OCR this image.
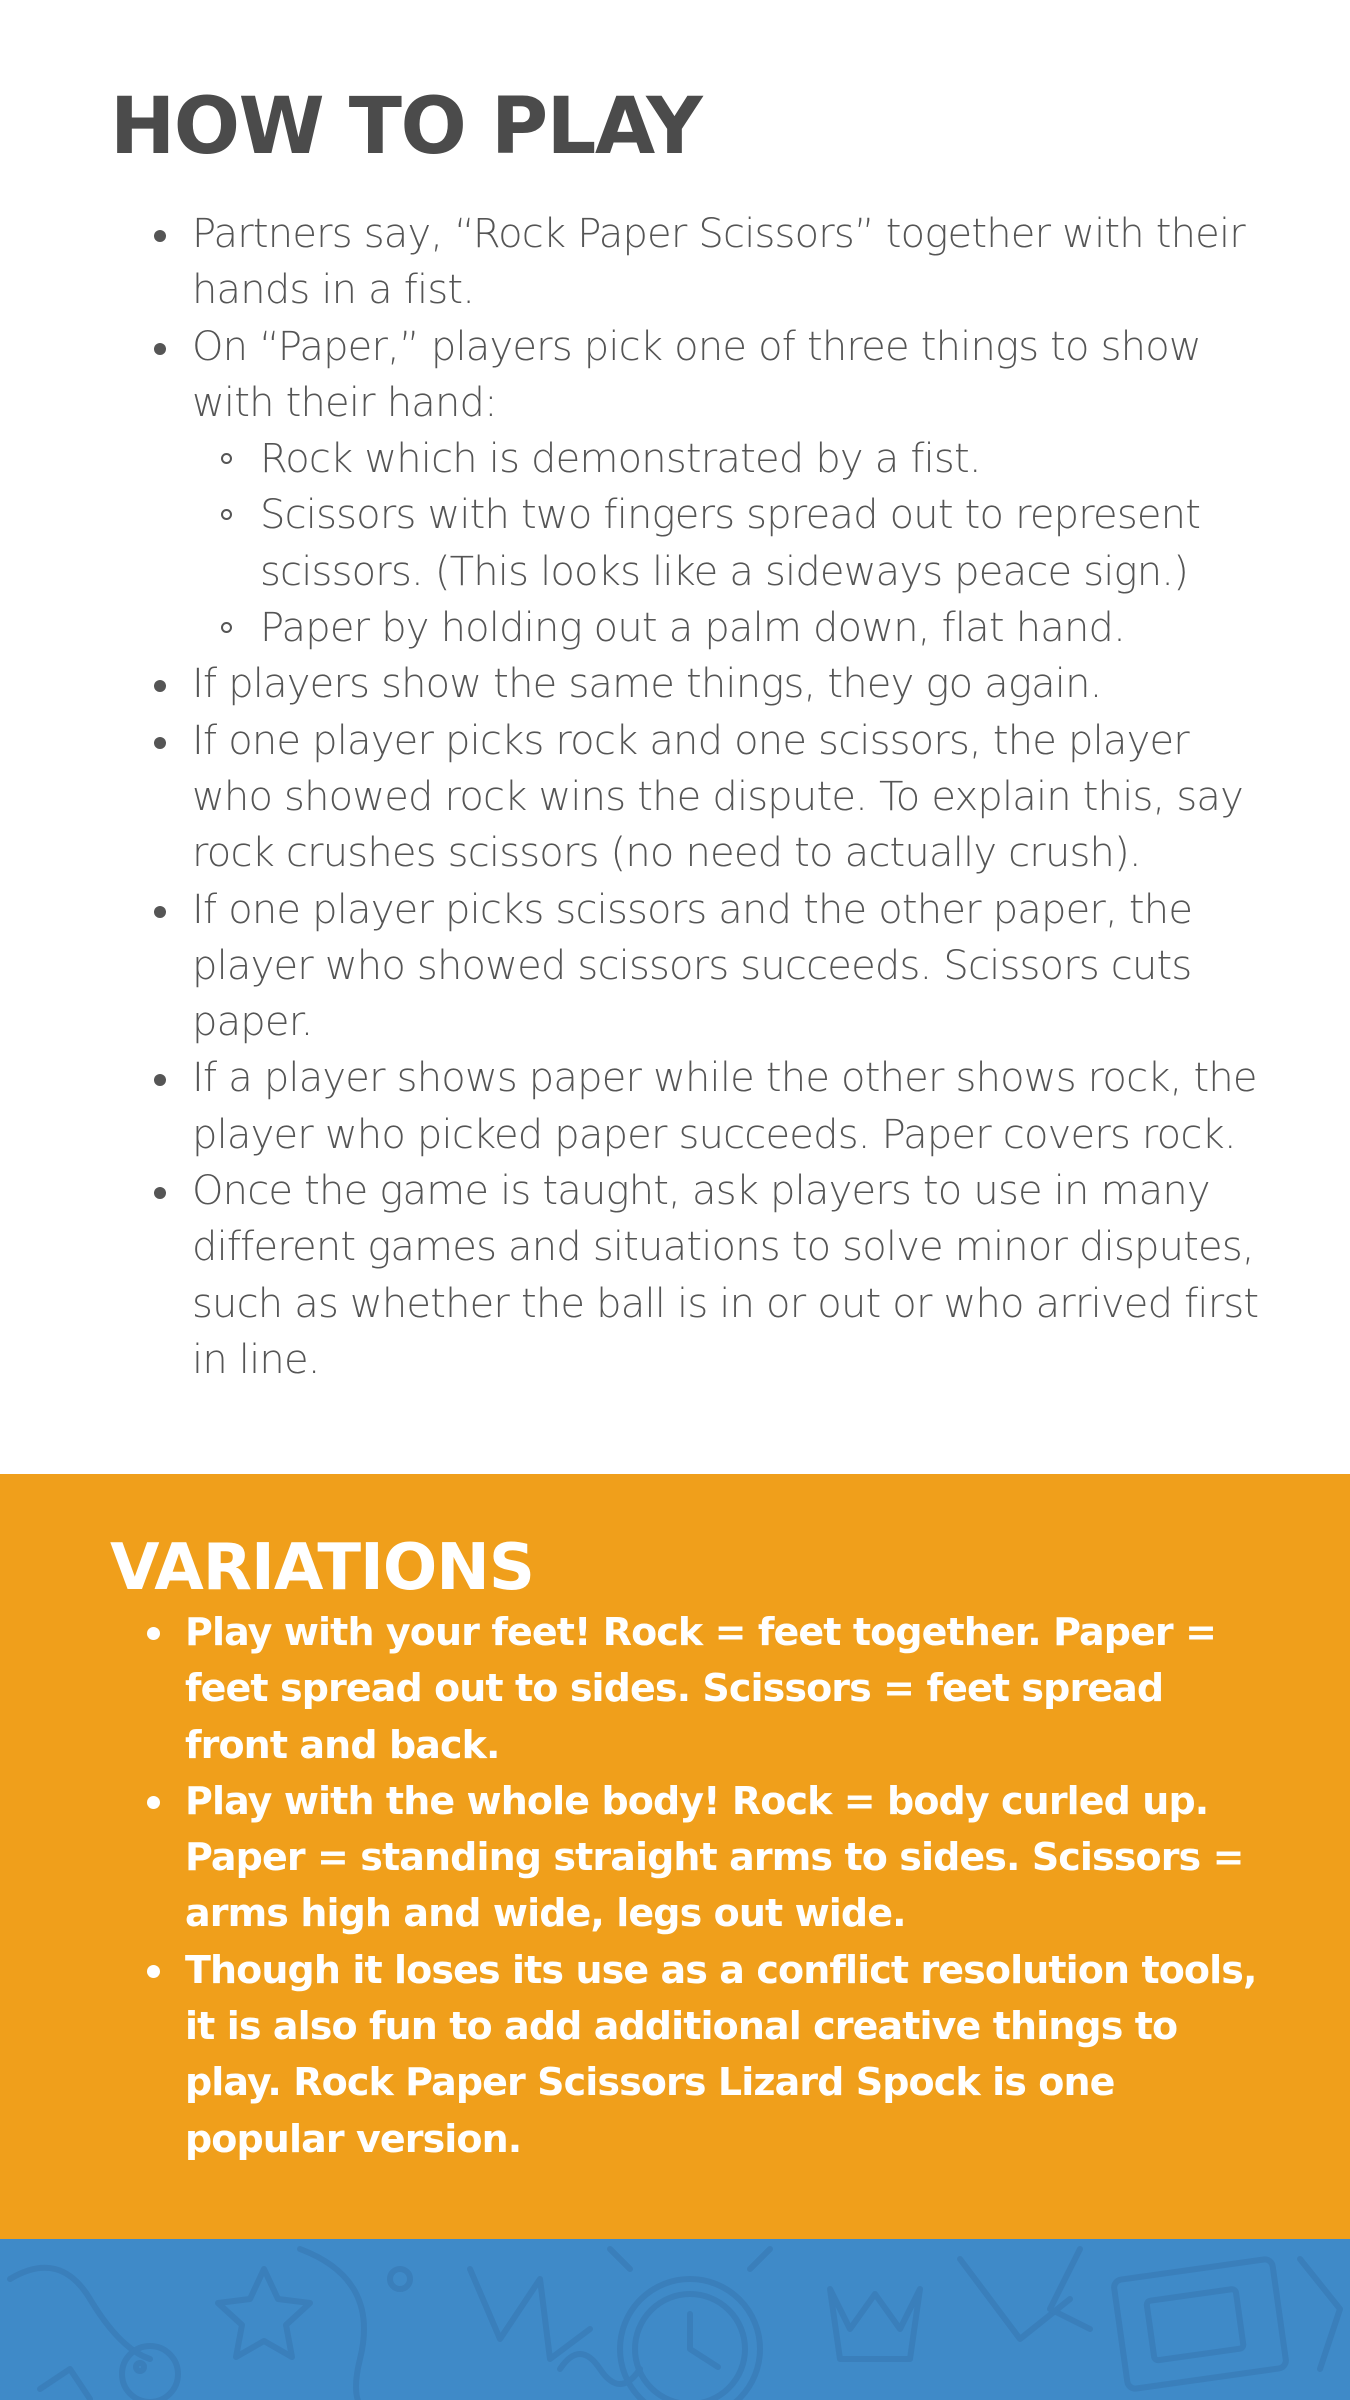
HOW TO PLAY
Partners say, “Rock Paper Scissors” together with their hands in a fist.
On “Paper,” players pick one of three things to show with their hand:
Rock which is demonstrated by a fist.
Scissors with two fingers spread out to represent scissors. (This looks like a sideways peace sign.)
Paper by holding out a palm down, flat hand.
If players show the same things, they go again.
If one player picks rock and one scissors, the player who showed rock wins the dispute. To explain this, say rock crushes scissors (no need to actually crush).
If one player picks scissors and the other paper, the player who showed scissors succeeds. Scissors cuts paper.
If a player shows paper while the other shows rock, the player who picked paper succeeds. Paper covers rock.
Once the game is taught, ask players to use in many different games and situations to solve minor disputes, such as whether the ball is in or out or who arrived first in line.
VARIATIONS
Play with your feet! Rock = feet together. Paper = feet spread out to sides. Scissors = feet spread front and back.
Play with the whole body! Rock = body curled up. Paper = standing straight arms to sides. Scissors = arms high and wide, legs out wide.
Though it loses its use as a conflict resolution tools, it is also fun to add additional creative things to play. Rock Paper Scissors Lizard Spock is one popular version.
